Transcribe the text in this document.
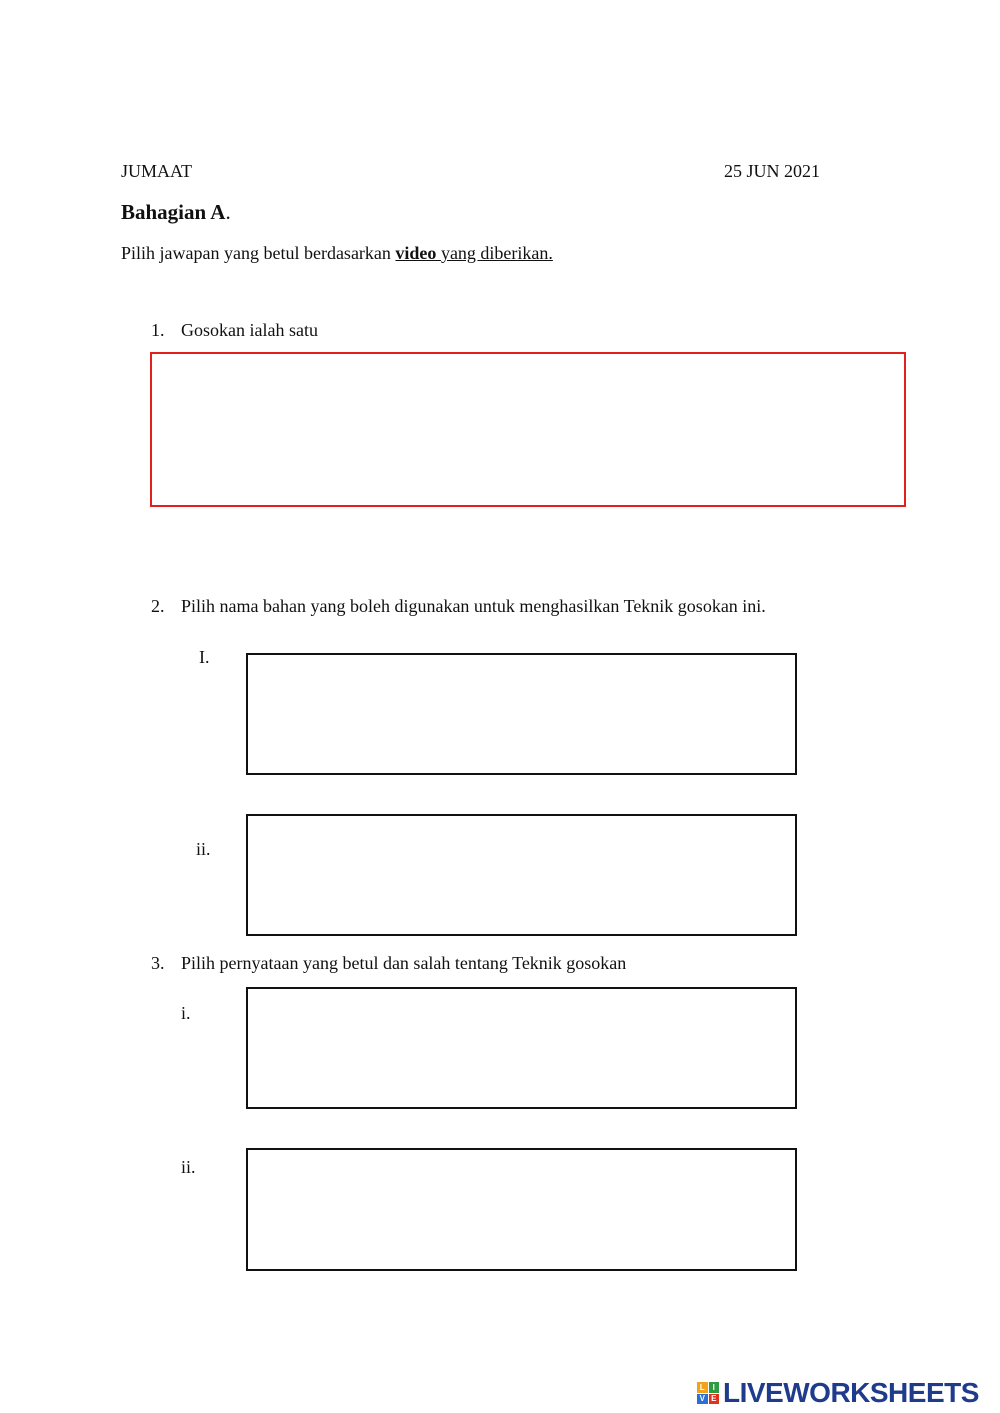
JUMAAT	25 JUN 2021
Bahagian A.
Pilih jawapan yang betul berdasarkan video yang diberikan.
1. Gosokan ialah satu
2. Pilih nama bahan yang boleh digunakan untuk menghasilkan Teknik gosokan ini.
I.
ii.
3. Pilih pernyataan yang betul dan salah tentang Teknik gosokan
i.
ii.
L I
V E LIVEWORKSHEETS
